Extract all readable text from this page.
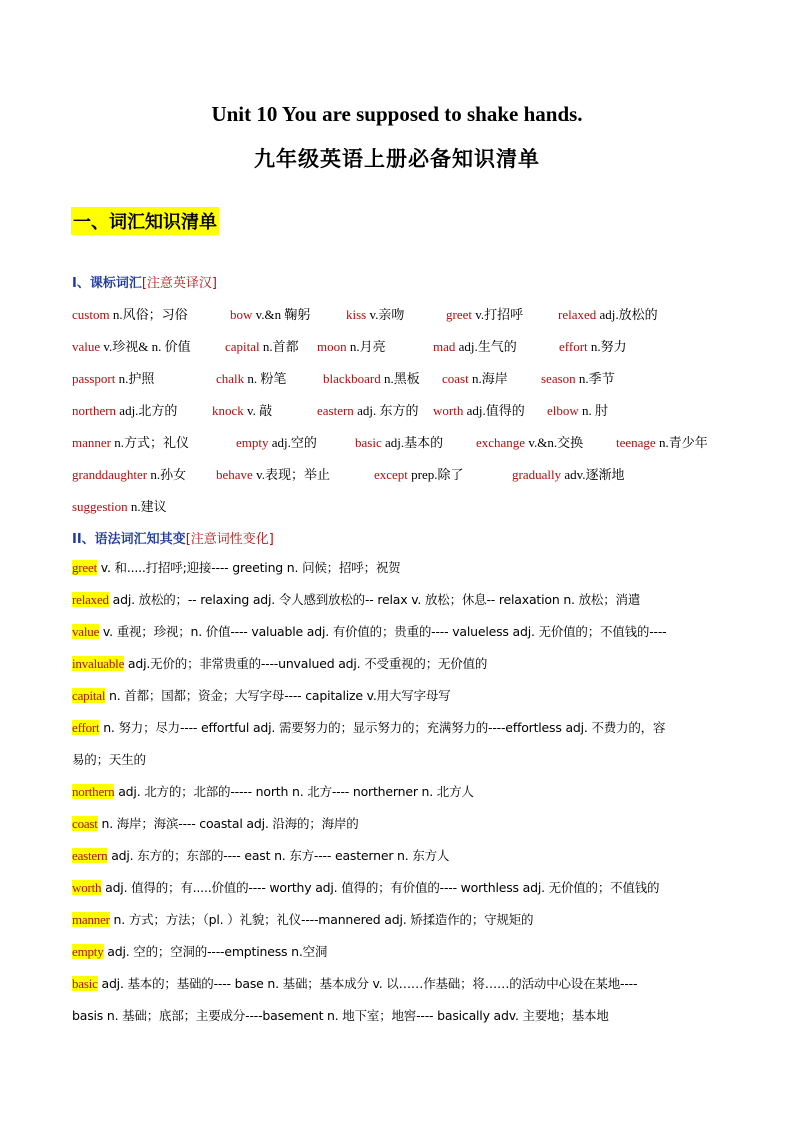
Unit 10 You are supposed to shake hands.
九年级英语上册必备知识清单
一、词汇知识清单
I、课标词汇[注意英译汉]
custom n.风俗；习俗	bow v.&n 鞠躬	kiss v.亲吻	greet v.打招呼	relaxed adj.放松的
value v.珍视& n. 价值	capital n.首都 moon n.月亮	mad adj.生气的	effort n.努力
passport n.护照	chalk n. 粉笔	blackboard n.黑板 coast n.海岸	season n.季节
northern adj.北方的	knock v. 敲	eastern adj. 东方的 worth adj.值得的 elbow n. 肘
manner n.方式；礼仪	empty adj.空的	basic adj.基本的	exchange v.&n.交换	teenage n.青少年
granddaughter n.孙女 behave v.表现；举止	except prep.除了	gradually adv.逐渐地
suggestion n.建议
II、语法词汇知其变[注意词性变化]
greet v. 和.....打招呼;迎接---- greeting n. 问候；招呼；祝贺
relaxed adj. 放松的；-- relaxing adj. 令人感到放松的-- relax v. 放松；休息-- relaxation n. 放松；消遣
value v. 重视；珍视；n. 价值---- valuable adj. 有价值的；贵重的---- valueless adj. 无价值的；不值钱的----
invaluable adj.无价的；非常贵重的----unvalued adj. 不受重视的；无价值的
capital n. 首都；国都；资金；大写字母---- capitalize v.用大写字母写
effort n. 努力；尽力---- effortful adj. 需要努力的；显示努力的；充满努力的----effortless adj. 不费力的，容
易的；天生的
northern adj. 北方的；北部的----- north n. 北方---- northerner n. 北方人
coast n. 海岸；海滨---- coastal adj. 沿海的；海岸的
eastern adj. 东方的；东部的---- east n. 东方---- easterner n. 东方人
worth adj. 值得的；有.....价值的---- worthy adj. 值得的；有价值的---- worthless adj. 无价值的；不值钱的
manner n. 方式；方法；（pl. ）礼貌；礼仪----mannered adj. 矫揉造作的；守规矩的
empty adj. 空的；空洞的----emptiness n.空洞
basic adj. 基本的；基础的---- base n. 基础；基本成分 v. 以……作基础；将……的活动中心设在某地----
basis n. 基础；底部；主要成分----basement n. 地下室；地窖---- basically adv. 主要地；基本地
